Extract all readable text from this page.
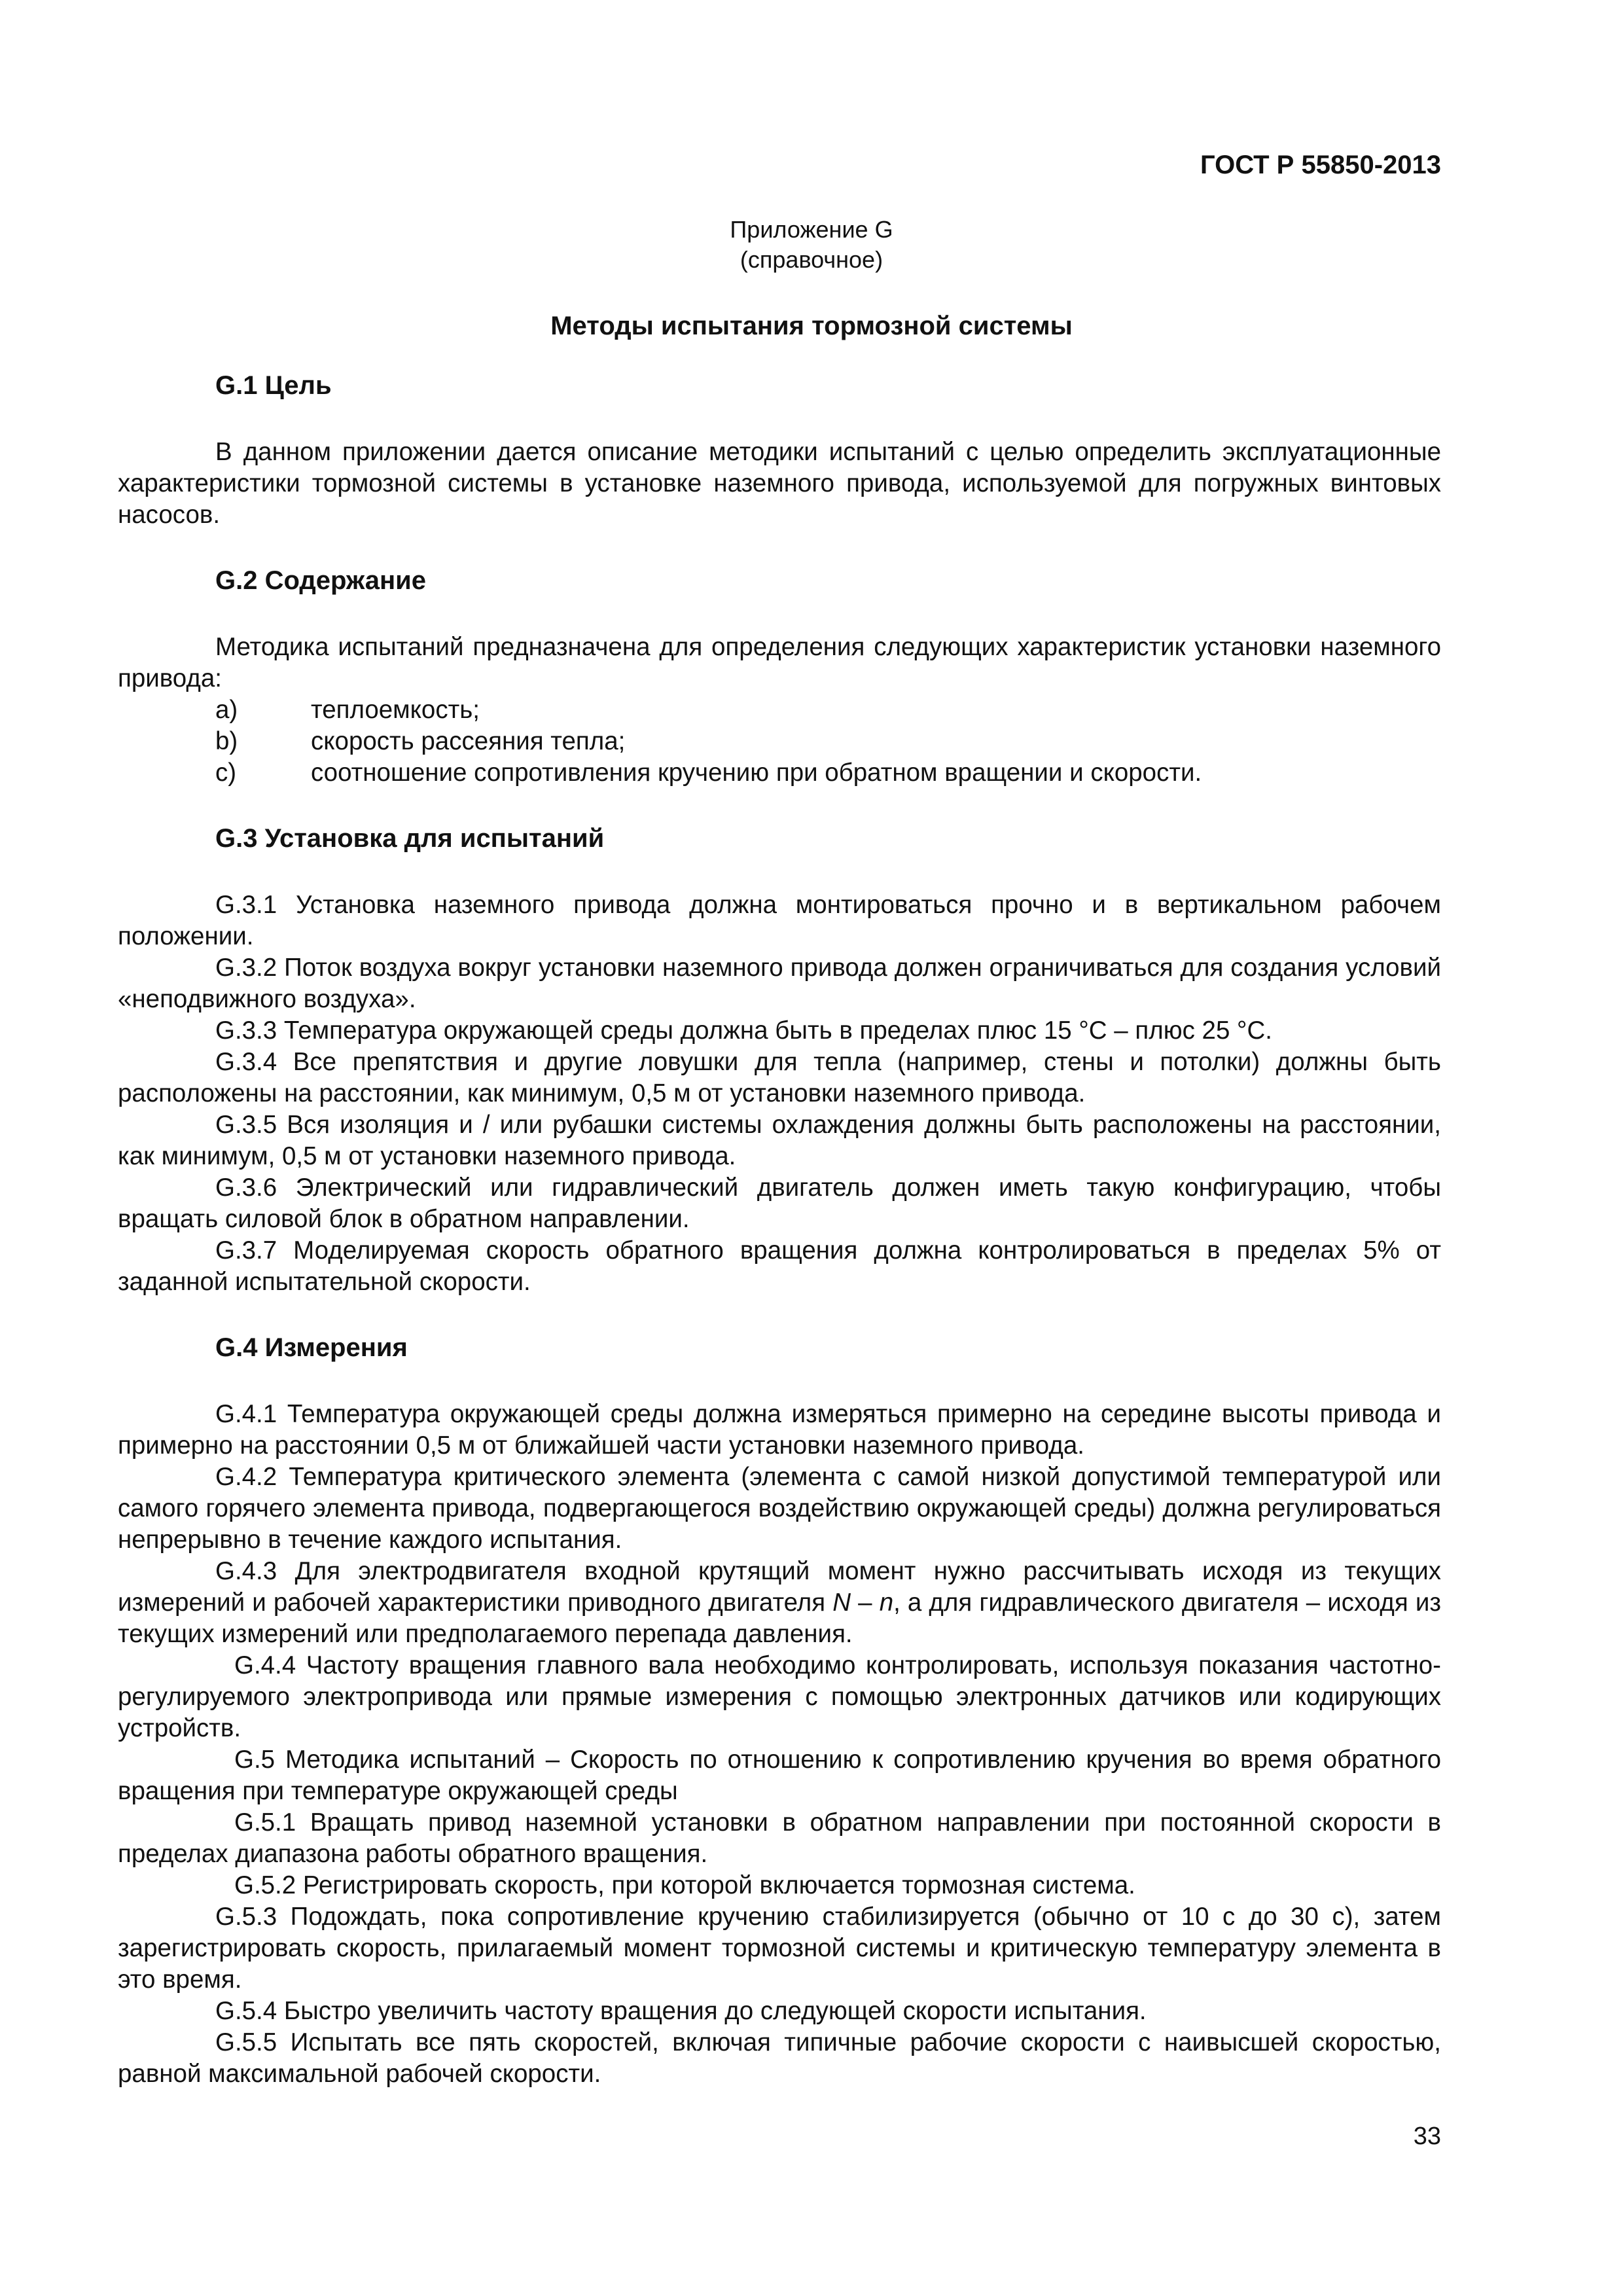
ГОСТ Р 55850-2013
Приложение G
(справочное)
Методы испытания тормозной системы

G.1 Цель

В данном приложении дается описание методики испытаний с целью определить эксплуатационные характеристики тормозной системы в установке наземного привода, используемой для погружных винтовых насосов.

G.2 Содержание

Методика испытаний предназначена для определения следующих характеристик установки наземного привода:

a)	теплоемкость;
b)	скорость рассеяния тепла;
c)	соотношение сопротивления кручению при обратном вращении и скорости.

G.3 Установка для испытаний

G.3.1 Установка наземного привода должна монтироваться прочно и в вертикальном рабочем положении.

G.3.2 Поток воздуха вокруг установки наземного привода должен ограничиваться для создания условий «неподвижного воздуха».

G.3.3 Температура окружающей среды должна быть в пределах плюс 15 °C – плюс 25 °C.

G.3.4 Все препятствия и другие ловушки для тепла (например, стены и потолки) должны быть расположены на расстоянии, как минимум, 0,5 м от установки наземного привода.

G.3.5 Вся изоляция и / или рубашки системы охлаждения должны быть расположены на расстоянии, как минимум, 0,5 м от установки наземного привода.

G.3.6 Электрический или гидравлический двигатель должен иметь такую конфигурацию, чтобы вращать силовой блок в обратном направлении.

G.3.7 Моделируемая скорость обратного вращения должна контролироваться в пределах 5% от заданной испытательной скорости.

G.4 Измерения

G.4.1 Температура окружающей среды должна измеряться примерно на середине высоты привода и примерно на расстоянии 0,5 м от ближайшей части установки наземного привода.

G.4.2 Температура критического элемента (элемента с самой низкой допустимой температурой или самого горячего элемента привода, подвергающегося воздействию окружающей среды) должна регулироваться непрерывно в течение каждого испытания.

G.4.3 Для электродвигателя входной крутящий момент нужно рассчитывать исходя из текущих измерений и рабочей характеристики приводного двигателя N – n, а для гидравлического двигателя – исходя из текущих измерений или предполагаемого перепада давления.

G.4.4 Частоту вращения главного вала необходимо контролировать, используя показания частотно-регулируемого электропривода или прямые измерения с помощью электронных датчиков или кодирующих устройств.

G.5 Методика испытаний – Скорость по отношению к сопротивлению кручения во время обратного вращения при температуре окружающей среды

G.5.1 Вращать привод наземной установки в обратном направлении при постоянной скорости в пределах диапазона работы обратного вращения.

G.5.2 Регистрировать скорость, при которой включается тормозная система.

G.5.3 Подождать, пока сопротивление кручению стабилизируется (обычно от 10 с до 30 с), затем зарегистрировать скорость, прилагаемый момент тормозной системы и критическую температуру элемента в это время.

G.5.4 Быстро увеличить частоту вращения до следующей скорости испытания.

G.5.5 Испытать все пять скоростей, включая типичные рабочие скорости с наивысшей скоростью, равной максимальной рабочей скорости.

33
